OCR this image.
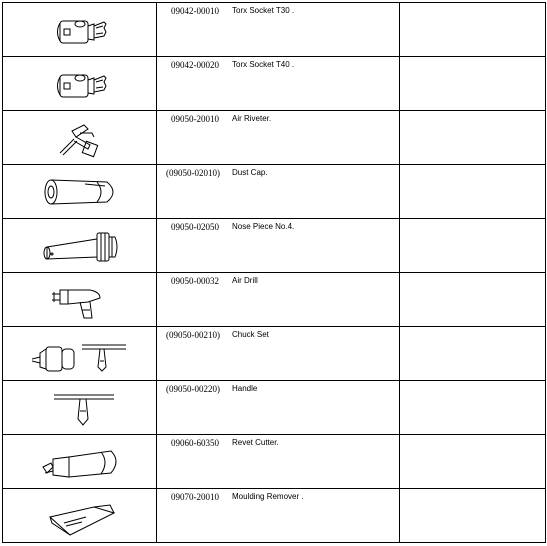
09042-00010 Torx Socket T30 .	

09042-00020 Torx Socket T40 .	

09050-20010 Air Riveter.	

(09050-02010) Dust Cap.	

09050-02050 Nose Piece No.4.	

09050-00032 Air Drill	

(09050-00210) Chuck Set	

(09050-00220) Handle	

09060-60350 Revet Cutter.	

09070-20010 Moulding Remover .	
